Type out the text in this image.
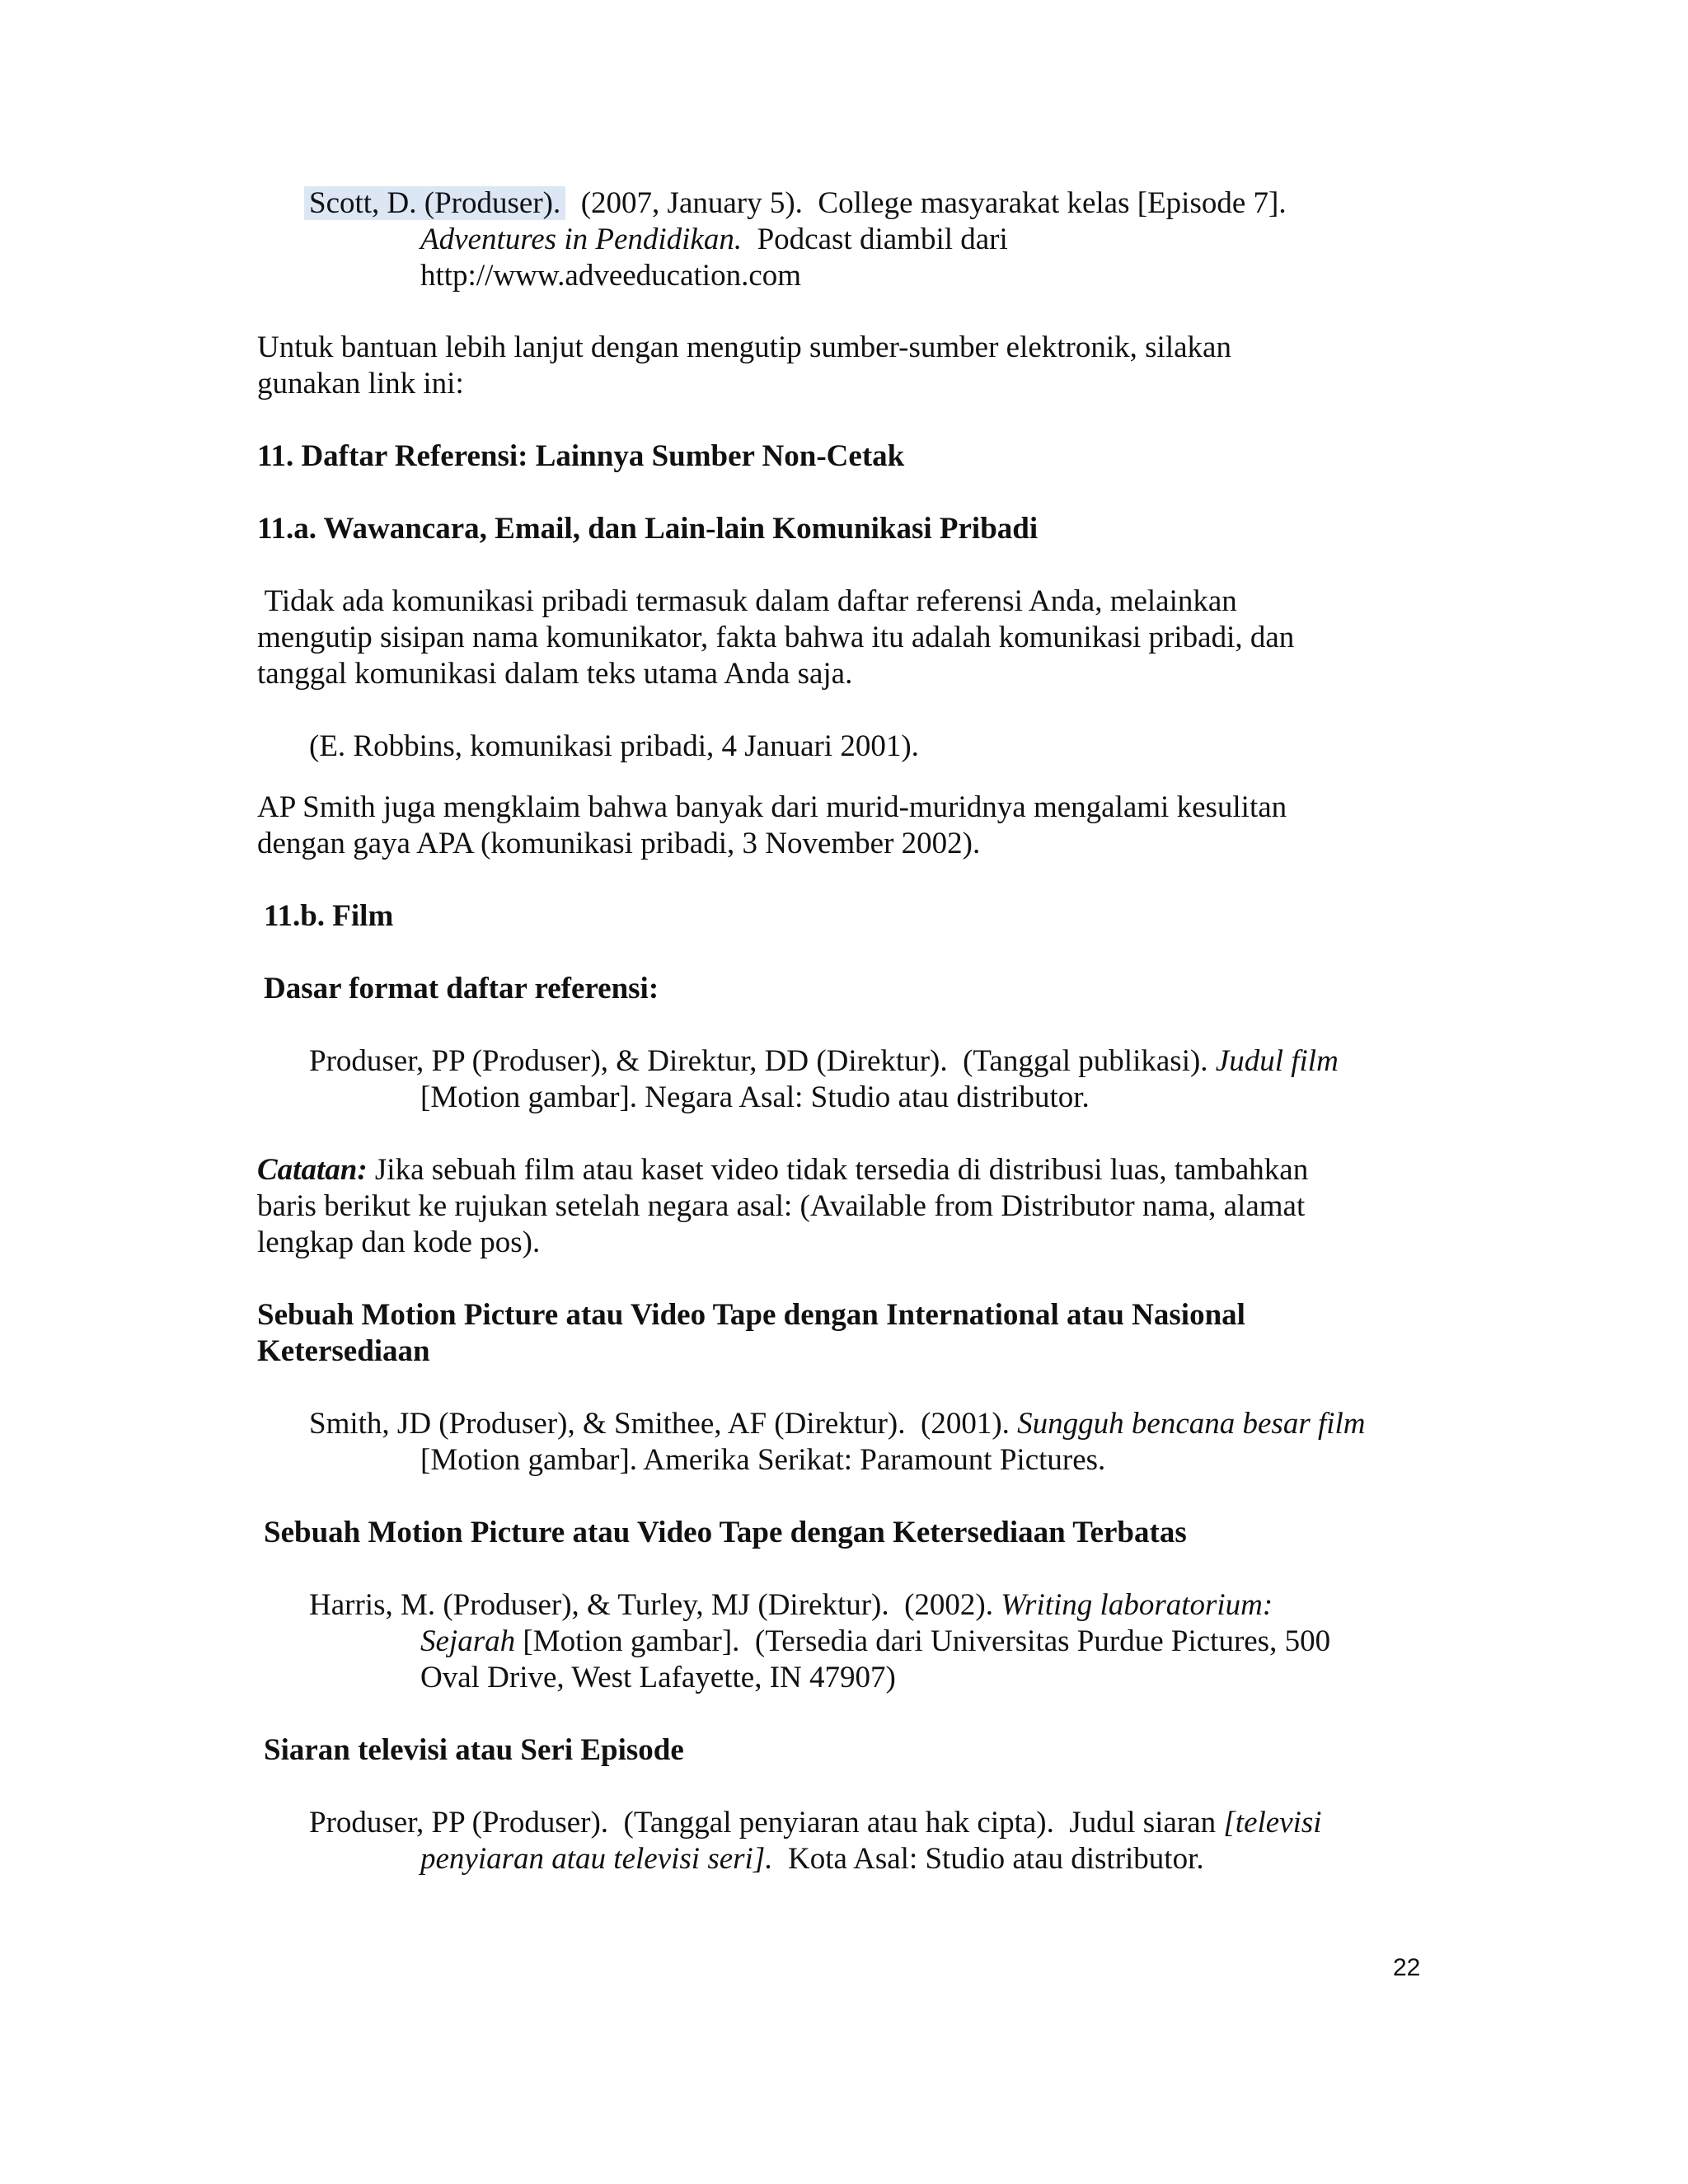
Scott, D. (Produser).  (2007, January 5).  College masyarakat kelas [Episode 7].
Adventures in Pendidikan.  Podcast diambil dari
http://www.adveeducation.com

Untuk bantuan lebih lanjut dengan mengutip sumber-sumber elektronik, silakan
gunakan link ini:

11. Daftar Referensi: Lainnya Sumber Non-Cetak

11.a. Wawancara, Email, dan Lain-lain Komunikasi Pribadi

Tidak ada komunikasi pribadi termasuk dalam daftar referensi Anda, melainkan
mengutip sisipan nama komunikator, fakta bahwa itu adalah komunikasi pribadi, dan
tanggal komunikasi dalam teks utama Anda saja.

(E. Robbins, komunikasi pribadi, 4 Januari 2001).

AP Smith juga mengklaim bahwa banyak dari murid-muridnya mengalami kesulitan
dengan gaya APA (komunikasi pribadi, 3 November 2002).

11.b. Film

Dasar format daftar referensi:

Produser, PP (Produser), & Direktur, DD (Direktur).  (Tanggal publikasi). Judul film
[Motion gambar]. Negara Asal: Studio atau distributor.

Catatan: Jika sebuah film atau kaset video tidak tersedia di distribusi luas, tambahkan
baris berikut ke rujukan setelah negara asal: (Available from Distributor nama, alamat
lengkap dan kode pos).

Sebuah Motion Picture atau Video Tape dengan International atau Nasional
Ketersediaan

Smith, JD (Produser), & Smithee, AF (Direktur).  (2001). Sungguh bencana besar film
[Motion gambar]. Amerika Serikat: Paramount Pictures.

Sebuah Motion Picture atau Video Tape dengan Ketersediaan Terbatas

Harris, M. (Produser), & Turley, MJ (Direktur).  (2002). Writing laboratorium:
Sejarah [Motion gambar].  (Tersedia dari Universitas Purdue Pictures, 500
Oval Drive, West Lafayette, IN 47907)

Siaran televisi atau Seri Episode

Produser, PP (Produser).  (Tanggal penyiaran atau hak cipta).  Judul siaran [televisi
penyiaran atau televisi seri].  Kota Asal: Studio atau distributor.

22
